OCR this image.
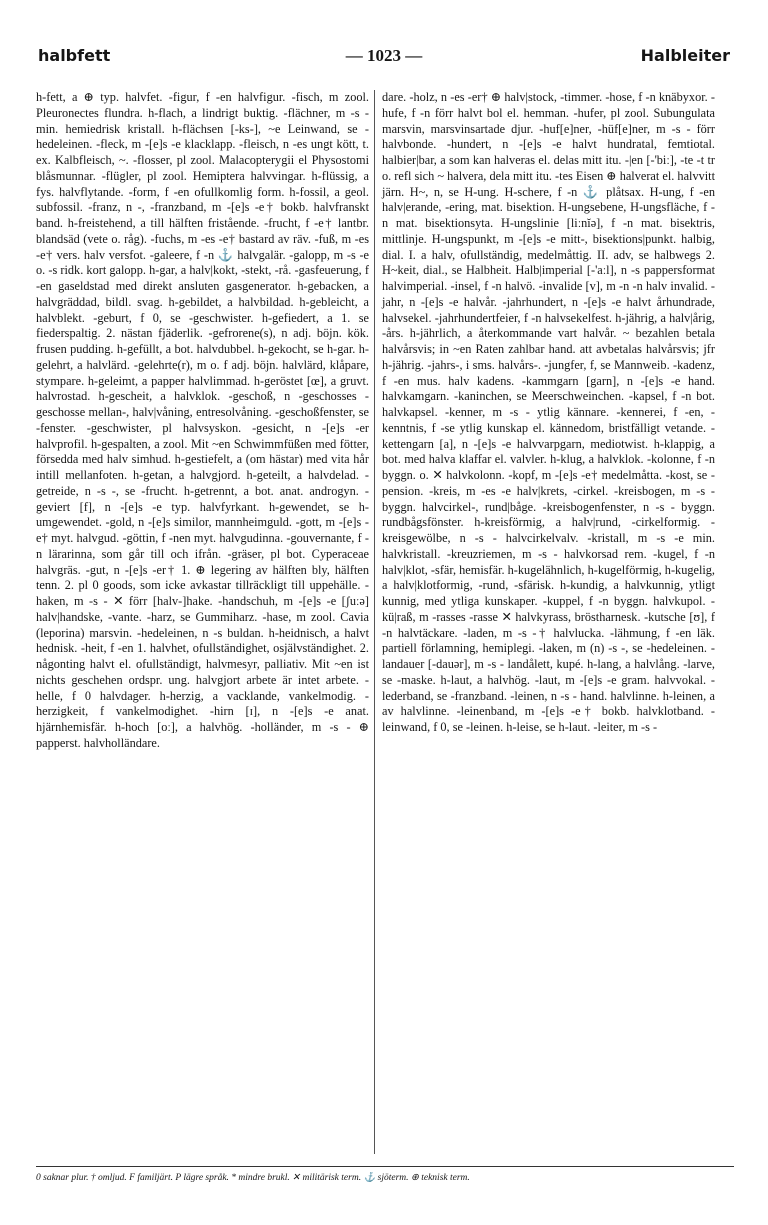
halbfett	— 1023 —	Halbleiter

h-fett, a ⊕ typ. halvfet. -figur, f -en halvfigur. -fisch, m zool. Pleuronectes flundra. h-flach, a lindrigt buktig. -flächner, m -s - min. hemiedrisk kristall. h-flächsen [-ks-], ~e Leinwand, se -hedeleinen. -fleck, m -[e]s -e klacklapp. -fleisch, n -es ungt kött, t. ex. Kalbfleisch, ~. -flosser, pl zool. Malacopterygii el Physostomi blåsmunnar. -flügler, pl zool. Hemiptera halvvingar. h-flüssig, a fys. halvflytande. -form, f -en ofullkomlig form. h-fossil, a geol. subfossil. -franz, n -, -franzband, m -[e]s -e† bokb. halvfranskt band. h-freistehend, a till hälften fristående. -frucht, f -e† lantbr. blandsäd (vete o. råg). -fuchs, m -es -e† bastard av räv. -fuß, m -es -e† vers. halv versfot. -galeere, f -n ⚓ halvgalär. -galopp, m -s -e o. -s ridk. kort galopp. h-gar, a halv|kokt, -stekt, -rå. -gasfeuerung, f -en gaseldstad med direkt ansluten gasgenerator. h-gebacken, a halvgräddad, bildl. svag. h-gebildet, a halvbildad. h-gebleicht, a halvblekt. -geburt, f 0, se -geschwister. h-gefiedert, a 1. se fiederspaltig. 2. nästan fjäderlik. -gefrorene(s), n adj. böjn. kök. frusen pudding. h-gefüllt, a bot. halvdubbel. h-gekocht, se h-gar. h-gelehrt, a halvlärd. -gelehrte(r), m o. f adj. böjn. halvlärd, klåpare, stympare. h-geleimt, a papper halvlimmad. h-geröstet [œ], a gruvt. halvrostad. h-gescheit, a halvklok. -geschoß, n -geschosses -geschosse mellan-, halv|våning, entresolvåning. -geschoßfenster, se -fenster. -geschwister, pl halvsyskon. -gesicht, n -[e]s -er halvprofil. h-gespalten, a zool. Mit ~en Schwimmfüßen med fötter, försedda med halv simhud. h-gestiefelt, a (om hästar) med vita hår intill mellanfoten. h-getan, a halvgjord. h-geteilt, a halvdelad. -getreide, n -s -, se -frucht. h-getrennt, a bot. anat. androgyn. -geviert [f], n -[e]s -e typ. halvfyrkant. h-gewendet, se h-umgewendet. -gold, n -[e]s similor, mannheimguld. -gott, m -[e]s -e† myt. halvgud. -göttin, f -nen myt. halvgudinna. -gouvernante, f -n lärarinna, som går till och ifrån. -gräser, pl bot. Cyperaceae halvgräs. -gut, n -[e]s -er† 1. ⊕ legering av hälften bly, hälften tenn. 2. pl 0 goods, som icke avkastar tillräckligt till uppehälle. -haken, m -s - ✕ förr [halv-]hake. -handschuh, m -[e]s -e [ʃuːə] halv|handske, -vante. -harz, se Gummiharz. -hase, m zool. Cavia (leporina) marsvin. -hedeleinen, n -s buldan. h-heidnisch, a halvt hednisk. -heit, f -en 1. halvhet, ofullständighet, osjälvständighet. 2. någonting halvt el. ofullständigt, halvmesyr, palliativ. Mit ~en ist nichts geschehen ordspr. ung. halvgjort arbete är intet arbete. -helle, f 0 halvdager. h-herzig, a vacklande, vankelmodig. -herzigkeit, f vankelmodighet. -hirn [ɪ], n -[e]s -e anat. hjärnhemisfär. h-hoch [oː], a halvhög. -holländer, m -s - ⊕ papperst. halvholländare.

dare. -holz, n -es -er† ⊕ halv|stock, -timmer. -hose, f -n knäbyxor. -hufe, f -n förr halvt bol el. hemman. -hufer, pl zool. Subungulata marsvin, marsvinsartade djur. -huf[e]ner, -hüf[e]ner, m -s - förr halvbonde. -hundert, n -[e]s -e halvt hundratal, femtiotal. halbier|bar, a som kan halveras el. delas mitt itu. -|en [-'biː], -te -t tr o. refl sich ~ halvera, dela mitt itu. -tes Eisen ⊕ halverat el. halvvitt järn. H~, n, se H-ung. H-schere, f -n ⚓ plåtsax. H-ung, f -en halv|erande, -ering, mat. bisektion. H-ungsebene, H-ungsfläche, f -n mat. bisektionsyta. H-ungslinie [liːnĭə], f -n mat. bisektris, mittlinje. H-ungspunkt, m -[e]s -e mitt-, bisektions|punkt. halbig, dial. I. a halv, ofullständig, medelmåttig. II. adv, se halbwegs 2. H~keit, dial., se Halbheit. Halb|imperial [-'aːl], n -s pappersformat halvimperial. -insel, f -n halvö. -invalide [v], m -n -n halv invalid. -jahr, n -[e]s -e halvår. -jahrhundert, n -[e]s -e halvt århundrade, halvsekel. -jahrhundertfeier, f -n halvsekelfest. h-jährig, a halv|årig, -års. h-jährlich, a återkommande vart halvår. ~ bezahlen betala halvårsvis; in ~en Raten zahlbar hand. att avbetalas halvårsvis; jfr h-jährig. -jahrs-, i sms. halvårs-. -jungfer, f, se Mannweib. -kadenz, f -en mus. halv kadens. -kammgarn [garn], n -[e]s -e hand. halvkamgarn. -kaninchen, se Meerschweinchen. -kapsel, f -n bot. halvkapsel. -kenner, m -s - ytlig kännare. -kennerei, f -en, -kenntnis, f -se ytlig kunskap el. kännedom, bristfälligt vetande. -kettengarn [a], n -[e]s -e halvvarpgarn, mediotwist. h-klappig, a bot. med halva klaffar el. valvler. h-klug, a halvklok. -kolonne, f -n byggn. o. ✕ halvkolonn. -kopf, m -[e]s -e† medelmåtta. -kost, se -pension. -kreis, m -es -e halv|krets, -cirkel. -kreisbogen, m -s - byggn. halvcirkel-, rund|båge. -kreisbogenfenster, n -s - byggn. rundbågsfönster. h-kreisförmig, a halv|rund, -cirkelformig. -kreisgewölbe, n -s - halvcirkelvalv. -kristall, m -s -e min. halvkristall. -kreuzriemen, m -s - halvkorsad rem. -kugel, f -n halv|klot, -sfär, hemisfär. h-kugelähnlich, h-kugelförmig, h-kugelig, a halv|klotformig, -rund, -sfärisk. h-kundig, a halvkunnig, ytligt kunnig, med ytliga kunskaper. -kuppel, f -n byggn. halvkupol. -kü|raß, m -rasses -rasse ✕ halvkyrass, bröstharnesk. -kutsche [ʊ], f -n halvtäckare. -laden, m -s -† halvlucka. -lähmung, f -en läk. partiell förlamning, hemiplegi. -laken, m (n) -s -, se -hedeleinen. -landauer [-dauər], m -s - landålett, kupé. h-lang, a halvlång. -larve, se -maske. h-laut, a halvhög. -laut, m -[e]s -e gram. halvvokal. -lederband, se -franzband. -leinen, n -s - hand. halvlinne. h-leinen, a av halvlinne. -leinenband, m -[e]s -e† bokb. halvklotband. -leinwand, f 0, se -leinen. h-leise, se h-laut. -leiter, m -s -

0 saknar plur. † omljud. F familjärt. P lägre språk. * mindre brukl. ✕ militärisk term. ⚓ sjöterm. ⊕ teknisk term.
